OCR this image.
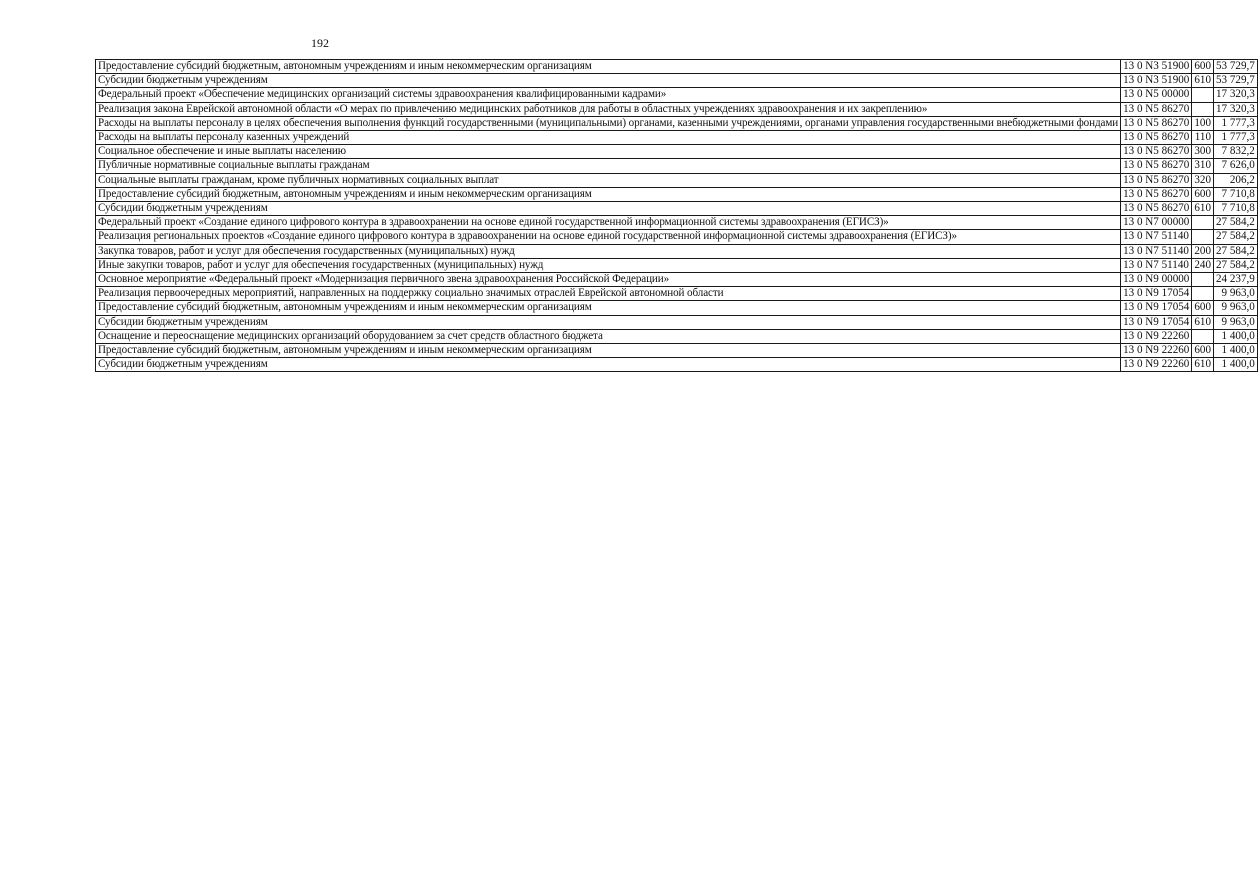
192
Предоставление субсидий бюджетным, автономным учреждениям и иным некоммерческим организациям	13 0 N3 51900	600	53 729,7

Субсидии бюджетным учреждениям	13 0 N3 51900	610	53 729,7

Федеральный проект «Обеспечение медицинских организаций системы здравоохранения квалифицированными кадрами»	13 0 N5 00000		17 320,3

Реализация закона Еврейской автономной области «О мерах по привлечению медицинских работников для работы в областных учреждениях здравоохранения и их закреплению»	13 0 N5 86270		17 320,3

Расходы на выплаты персоналу в целях обеспечения выполнения функций государственными (муниципальными) органами, казенными учреждениями, органами управления государственными внебюджетными фондами	13 0 N5 86270	100	1 777,3

Расходы на выплаты персоналу казенных учреждений	13 0 N5 86270	110	1 777,3

Социальное обеспечение и иные выплаты населению	13 0 N5 86270	300	7 832,2

Публичные нормативные социальные выплаты гражданам	13 0 N5 86270	310	7 626,0

Социальные выплаты гражданам, кроме публичных нормативных социальных выплат	13 0 N5 86270	320	206,2

Предоставление субсидий бюджетным, автономным учреждениям и иным некоммерческим организациям	13 0 N5 86270	600	7 710,8

Субсидии бюджетным учреждениям	13 0 N5 86270	610	7 710,8

Федеральный проект «Создание единого цифрового контура в здравоохранении на основе единой государственной информационной системы здравоохранения (ЕГИСЗ)»	13 0 N7 00000		27 584,2

Реализация региональных проектов «Создание единого цифрового контура в здравоохранении на основе единой государственной информационной системы здравоохранения (ЕГИСЗ)»	13 0 N7 51140		27 584,2

Закупка товаров, работ и услуг для обеспечения государственных (муниципальных) нужд	13 0 N7 51140	200	27 584,2

Иные закупки товаров, работ и услуг для обеспечения государственных (муниципальных) нужд	13 0 N7 51140	240	27 584,2

Основное мероприятие «Федеральный проект «Модернизация первичного звена здравоохранения Российской Федерации»	13 0 N9 00000		24 237,9

Реализация первоочередных мероприятий, направленных на поддержку социально значимых отраслей Еврейской автономной области	13 0 N9 17054		9 963,0

Предоставление субсидий бюджетным, автономным учреждениям и иным некоммерческим организациям	13 0 N9 17054	600	9 963,0

Субсидии бюджетным учреждениям	13 0 N9 17054	610	9 963,0

Оснащение и переоснащение медицинских организаций оборудованием за счет средств областного бюджета	13 0 N9 22260		1 400,0

Предоставление субсидий бюджетным, автономным учреждениям и иным некоммерческим организациям	13 0 N9 22260	600	1 400,0

Субсидии бюджетным учреждениям	13 0 N9 22260	610	1 400,0
